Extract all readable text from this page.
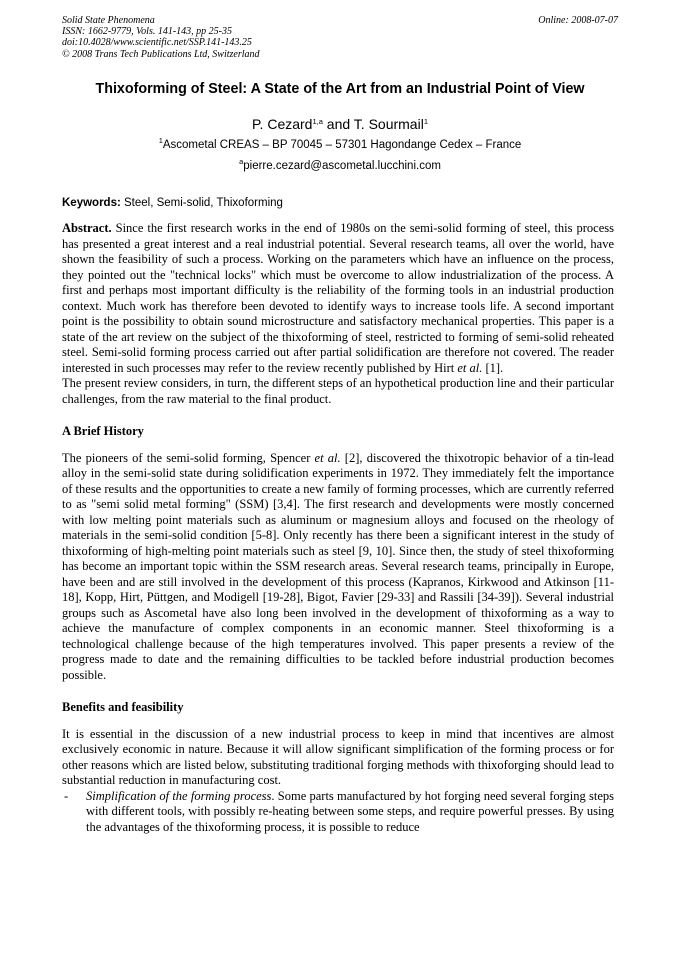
Solid State Phenomena
ISSN: 1662-9779, Vols. 141-143, pp 25-35
doi:10.4028/www.scientific.net/SSP.141-143.25
© 2008 Trans Tech Publications Ltd, Switzerland
Online: 2008-07-07
Thixoforming of Steel: A State of the Art from an Industrial Point of View
P. Cezard$^{1,a}$ and T. Sourmail$^1$
$^1$Ascometal CREAS – BP 70045 – 57301 Hagondange Cedex – France
$^a$pierre.cezard@ascometal.lucchini.com
Keywords: Steel, Semi-solid, Thixoforming

Abstract. Since the first research works in the end of 1980s on the semi-solid forming of steel, this process has presented a great interest and a real industrial potential. Several research teams, all over the world, have shown the feasibility of such a process. Working on the parameters which have an influence on the process, they pointed out the "technical locks" which must be overcome to allow industrialization of the process. A first and perhaps most important difficulty is the reliability of the forming tools in an industrial production context. Much work has therefore been devoted to identify ways to increase tools life. A second important point is the possibility to obtain sound microstructure and satisfactory mechanical properties. This paper is a state of the art review on the subject of the thixoforming of steel, restricted to forming of semi-solid reheated steel. Semi-solid forming process carried out after partial solidification are therefore not covered. The reader interested in such processes may refer to the review recently published by Hirt et al. [1].

The present review considers, in turn, the different steps of an hypothetical production line and their particular challenges, from the raw material to the final product.

A Brief History

The pioneers of the semi-solid forming, Spencer et al. [2], discovered the thixotropic behavior of a tin-lead alloy in the semi-solid state during solidification experiments in 1972. They immediately felt the importance of these results and the opportunities to create a new family of forming processes, which are currently referred to as "semi solid metal forming" (SSM) [3,4]. The first research and developments were mostly concerned with low melting point materials such as aluminum or magnesium alloys and focused on the rheology of materials in the semi-solid condition [5-8]. Only recently has there been a significant interest in the study of thixoforming of high-melting point materials such as steel [9, 10]. Since then, the study of steel thixoforming has become an important topic within the SSM research areas. Several research teams, principally in Europe, have been and are still involved in the development of this process (Kapranos, Kirkwood and Atkinson [11-18], Kopp, Hirt, Püttgen, and Modigell [19-28], Bigot, Favier [29-33] and Rassili [34-39]). Several industrial groups such as Ascometal have also long been involved in the development of thixoforming as a way to achieve the manufacture of complex components in an economic manner. Steel thixoforming is a technological challenge because of the high temperatures involved. This paper presents a review of the progress made to date and the remaining difficulties to be tackled before industrial production becomes possible.

Benefits and feasibility

It is essential in the discussion of a new industrial process to keep in mind that incentives are almost exclusively economic in nature. Because it will allow significant simplification of the forming process or for other reasons which are listed below, substituting traditional forging methods with thixoforging should lead to substantial reduction in manufacturing cost.

- Simplification of the forming process. Some parts manufactured by hot forging need several forging steps with different tools, with possibly re-heating between some steps, and require powerful presses. By using the advantages of the thixoforming process, it is possible to reduce
